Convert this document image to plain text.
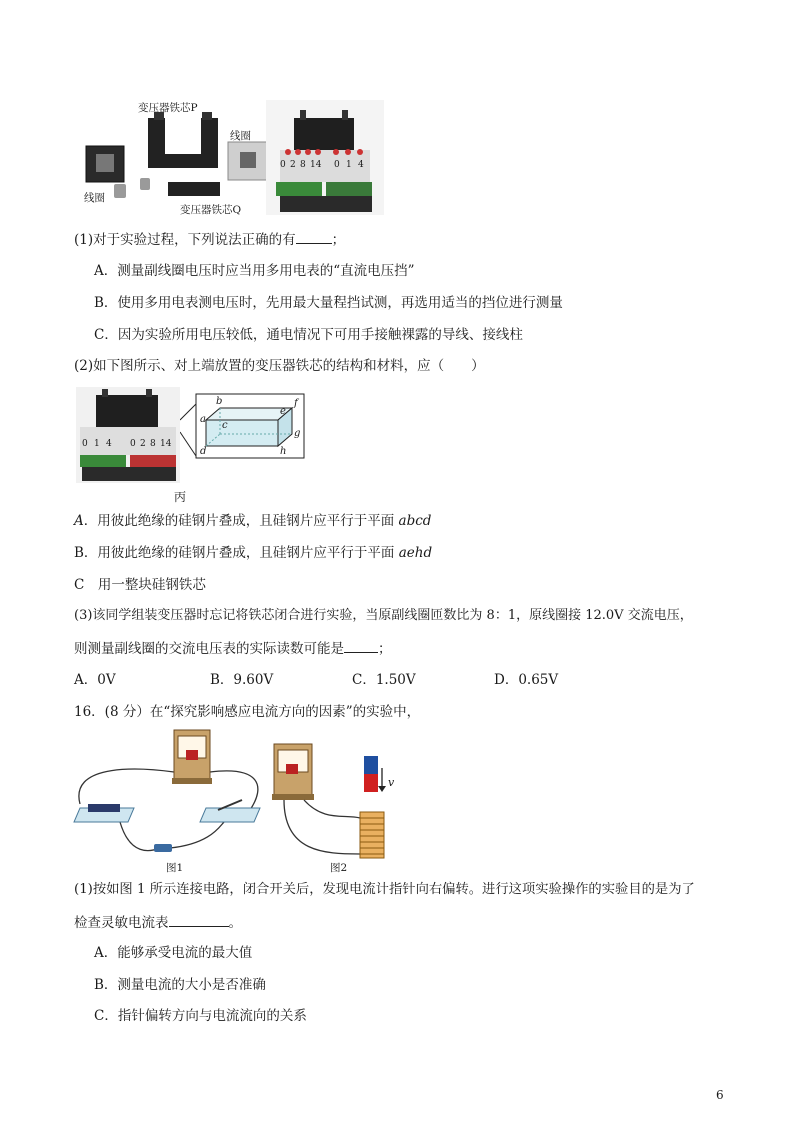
变压器铁芯P
线圈
线圈
变压器铁芯Q
0 2 8 14 0 1 4
(1)对于实验过程，下列说法正确的有	；
A．测量副线圈电压时应当用多用电表的“直流电压挡”
B．使用多用电表测电压时，先用最大量程挡试测，再选用适当的挡位进行测量
C．因为实验所用电压较低，通电情况下可用手接触裸露的导线、接线柱
(2)如下图所示、对上端放置的变压器铁芯的结构和材料，应（　　）
0 1 4 0 2 8 14
a
b
c
d
e
f
g
h
丙
A．用彼此绝缘的硅钢片叠成，且硅钢片应平行于平面 abcd
B．用彼此绝缘的硅钢片叠成，且硅钢片应平行于平面 aehd
C　用一整块硅钢铁芯
(3)该同学组装变压器时忘记将铁芯闭合进行实验，当原副线圈匝数比为 8：1，原线圈接 12.0V 交流电压，
则测量副线圈的交流电压表的实际读数可能是	；
A．0V	B．9.60V	C．1.50V	D．0.65V
16．(8 分）在“探究影响感应电流方向的因素”的实验中，
图1
v
图2
(1)按如图 1 所示连接电路，闭合开关后，发现电流计指针向右偏转。进行这项实验操作的实验目的是为了
检查灵敏电流表	。
A．能够承受电流的最大值
B．测量电流的大小是否准确
C．指针偏转方向与电流流向的关系
6
